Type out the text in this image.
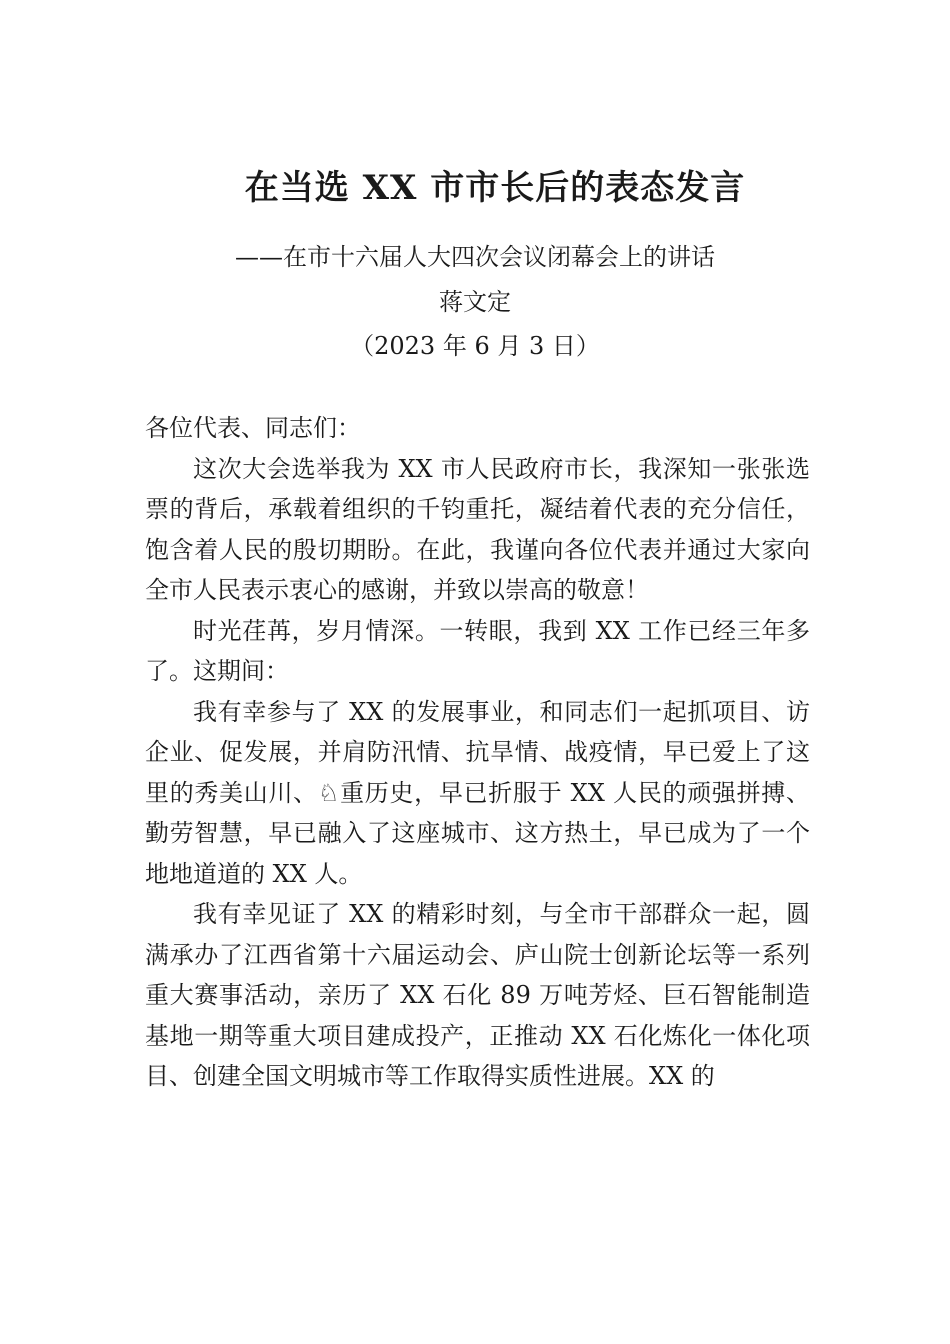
在当选 XX 市市长后的表态发言
——在市十六届人大四次会议闭幕会上的讲话
蒋文定
（2023 年 6 月 3 日）

各位代表、同志们：

这次大会选举我为 XX 市人民政府市长，我深知一张张选票的背后，承载着组织的千钧重托，凝结着代表的充分信任，饱含着人民的殷切期盼。在此，我谨向各位代表并通过大家向全市人民表示衷心的感谢，并致以崇高的敬意！

时光荏苒，岁月情深。一转眼，我到 XX 工作已经三年多了。这期间：

我有幸参与了 XX 的发展事业，和同志们一起抓项目、访企业、促发展，并肩防汛情、抗旱情、战疫情，早已爱上了这里的秀美山川、♘重历史，早已折服于 XX 人民的顽强拼搏、勤劳智慧，早已融入了这座城市、这方热土，早已成为了一个地地道道的 XX 人。

我有幸见证了 XX 的精彩时刻，与全市干部群众一起，圆满承办了江西省第十六届运动会、庐山院士创新论坛等一系列重大赛事活动，亲历了 XX 石化 89 万吨芳烃、巨石智能制造基地一期等重大项目建成投产，正推动 XX 石化炼化一体化项目、创建全国文明城市等工作取得实质性进展。XX 的
